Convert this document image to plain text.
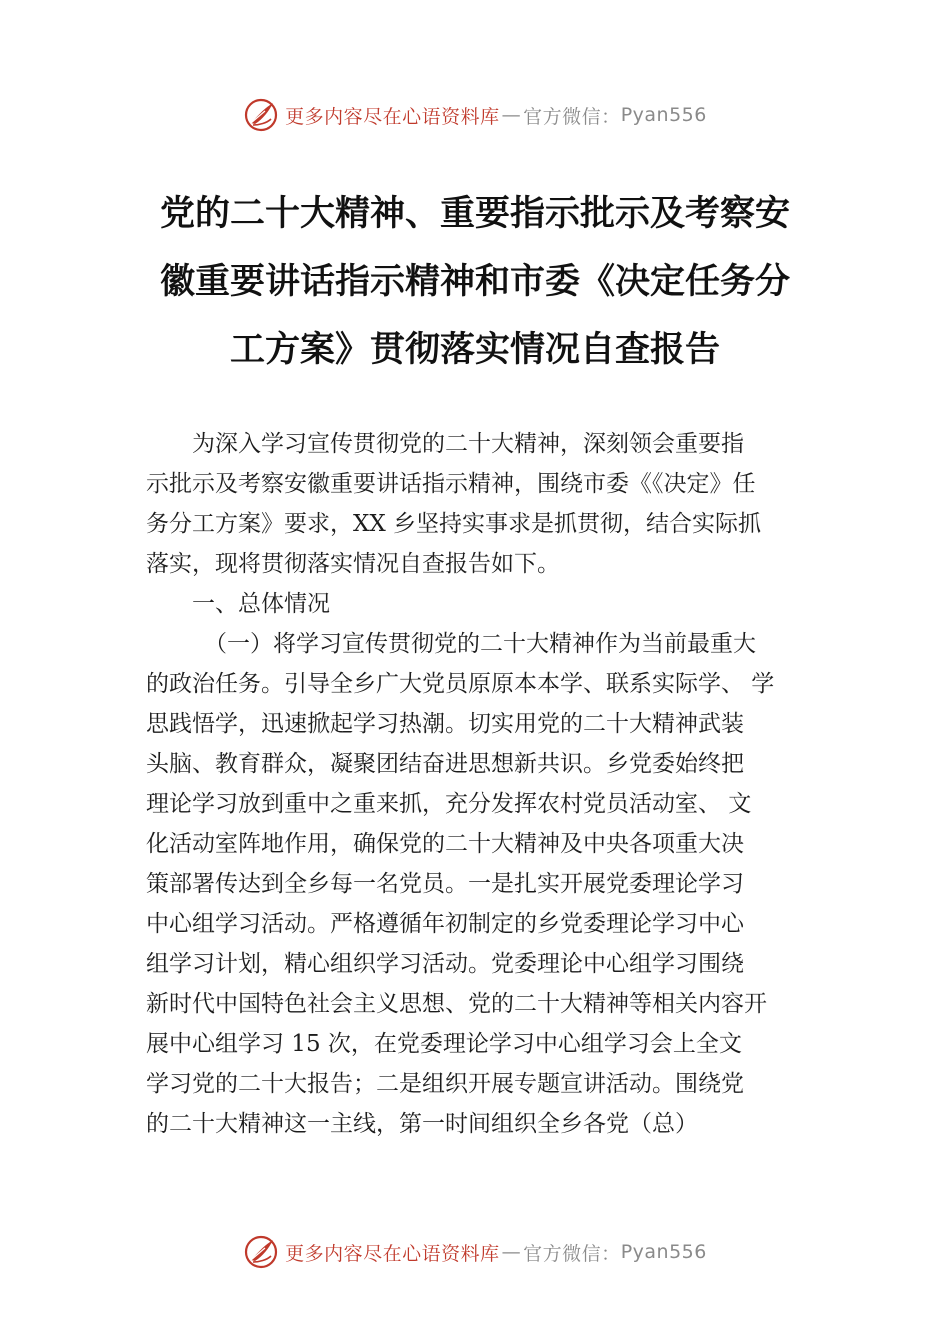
更多内容尽在心语资料库 — 官方微信： Pyan556
党的二十大精神、重要指示批示及考察安
徽重要讲话指示精神和市委《决定任务分
工方案》贯彻落实情况自查报告

为深入学习宣传贯彻党的二十大精神，深刻领会重要指
示批示及考察安徽重要讲话指示精神，围绕市委《《决定》任
务分工方案》要求，XX 乡坚持实事求是抓贯彻，结合实际抓
落实，现将贯彻落实情况自查报告如下。

一、总体情况

（一）将学习宣传贯彻党的二十大精神作为当前最重大
的政治任务。引导全乡广大党员原原本本学、联系实际学、 学
思践悟学，迅速掀起学习热潮。切实用党的二十大精神武装
头脑、教育群众，凝聚团结奋进思想新共识。乡党委始终把
理论学习放到重中之重来抓，充分发挥农村党员活动室、 文
化活动室阵地作用，确保党的二十大精神及中央各项重大决
策部署传达到全乡每一名党员。一是扎实开展党委理论学习
中心组学习活动。严格遵循年初制定的乡党委理论学习中心
组学习计划，精心组织学习活动。党委理论中心组学习围绕
新时代中国特色社会主义思想、党的二十大精神等相关内容开
展中心组学习 15 次，在党委理论学习中心组学习会上全文
学习党的二十大报告；二是组织开展专题宣讲活动。围绕党
的二十大精神这一主线，第一时间组织全乡各党（总）

更多内容尽在心语资料库 — 官方微信： Pyan556
